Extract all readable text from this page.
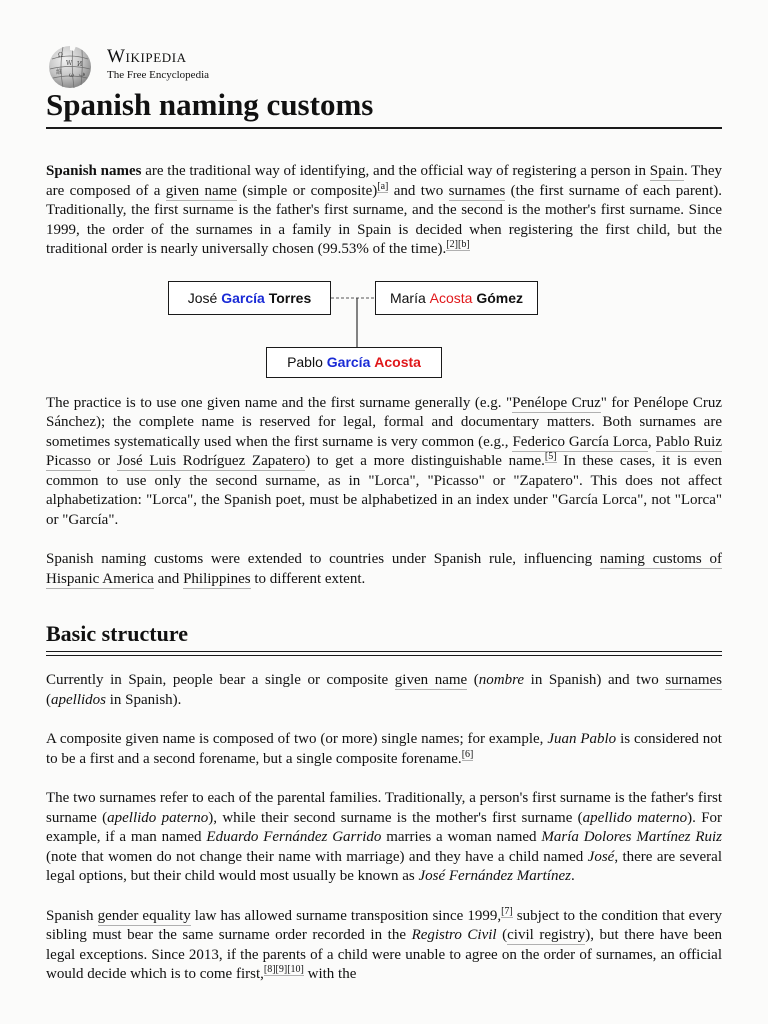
Ω
W И
維 ω ف
Wikipedia
The Free Encyclopedia
Spanish naming customs

Spanish names are the traditional way of identifying, and the official way of registering a person in Spain. They are composed of a given name (simple or composite)[a] and two surnames (the first surname of each parent). Traditionally, the first surname is the father's first surname, and the second is the mother's first surname. Since 1999, the order of the surnames in a family in Spain is decided when registering the first child, but the traditional order is nearly universally chosen (99.53% of the time).[2][b]

José
García
Torres	María
Acosta
Gómez
Pablo
García
Acosta

The practice is to use one given name and the first surname generally (e.g. "Penélope Cruz" for Penélope Cruz Sánchez); the complete name is reserved for legal, formal and documentary matters. Both surnames are sometimes systematically used when the first surname is very common (e.g., Federico García Lorca, Pablo Ruiz Picasso or José Luis Rodríguez Zapatero) to get a more distinguishable name.[5] In these cases, it is even common to use only the second surname, as in "Lorca", "Picasso" or "Zapatero". This does not affect alphabetization: "Lorca", the Spanish poet, must be alphabetized in an index under "García Lorca", not "Lorca" or "García".

Spanish naming customs were extended to countries under Spanish rule, influencing naming customs of Hispanic America and Philippines to different extent.

Basic structure

Currently in Spain, people bear a single or composite given name (nombre in Spanish) and two surnames (apellidos in Spanish).

A composite given name is composed of two (or more) single names; for example, Juan Pablo is considered not to be a first and a second forename, but a single composite forename.[6]

The two surnames refer to each of the parental families. Traditionally, a person's first surname is the father's first surname (apellido paterno), while their second surname is the mother's first surname (apellido materno). For example, if a man named Eduardo Fernández Garrido marries a woman named María Dolores Martínez Ruiz (note that women do not change their name with marriage) and they have a child named José, there are several legal options, but their child would most usually be known as José Fernández Martínez.

Spanish gender equality law has allowed surname transposition since 1999,[7] subject to the condition that every sibling must bear the same surname order recorded in the Registro Civil (civil registry), but there have been legal exceptions. Since 2013, if the parents of a child were unable to agree on the order of surnames, an official would decide which is to come first,[8][9][10] with the
